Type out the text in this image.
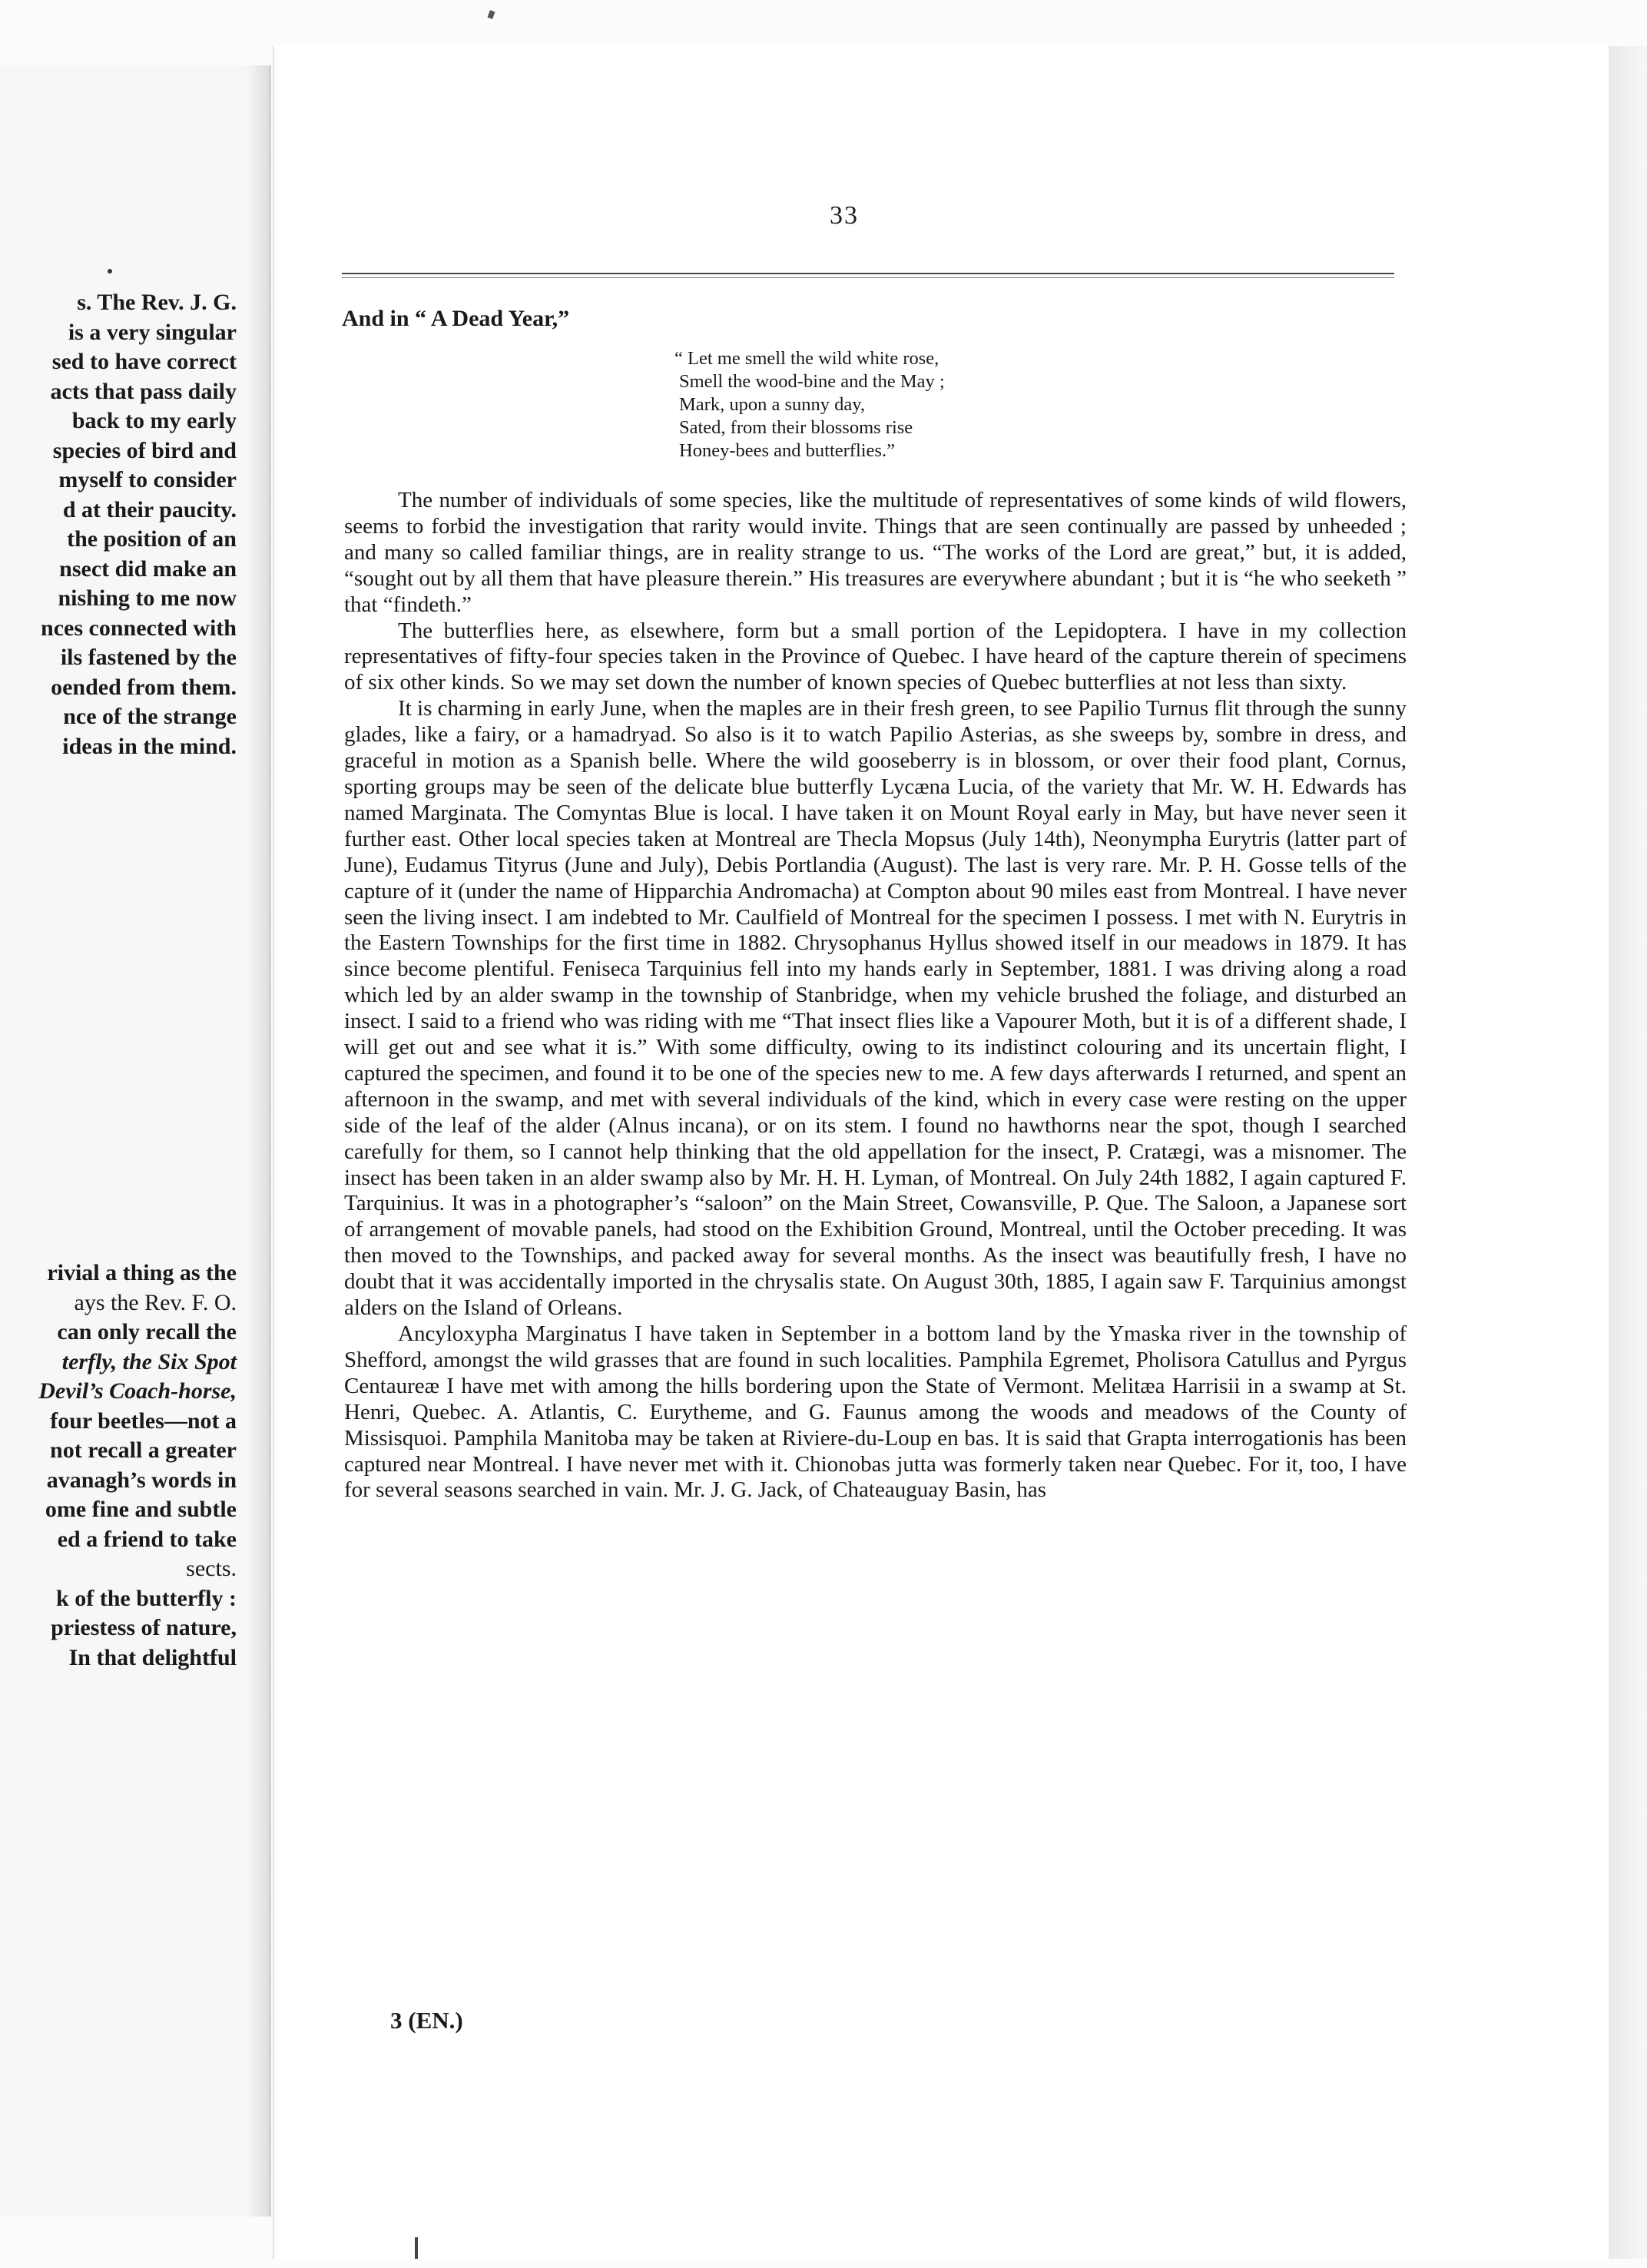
s. The Rev. J. G.
is a very singular
sed to have correct
acts that pass daily
back to my early
species of bird and
myself to consider
d at their paucity.
the position of an
nsect did make an
nishing to me now
nces connected with
ils fastened by the
oended from them.
nce of the strange
ideas in the mind.
rivial a thing as the
ays the Rev. F. O.
can only recall the
terfly, the Six Spot
Devil’s Coach-horse,
four beetles—not a
not recall a greater
avanagh’s words in
ome fine and subtle
ed a friend to take
sects.
k of the butterfly :
priestess of nature,
In that delightful
33
And in “ A Dead Year,”
“ Let me smell the wild white rose,
Smell the wood-bine and the May ;
Mark, upon a sunny day,
Sated, from their blossoms rise
Honey-bees and butterflies.”

The number of individuals of some species, like the multitude of representatives of some kinds of wild flowers, seems to forbid the investigation that rarity would invite. Things that are seen continually are passed by unheeded ; and many so called familiar things, are in reality strange to us. “The works of the Lord are great,” but, it is added, “sought out by all them that have pleasure therein.” His treasures are everywhere abundant ; but it is “he who seeketh ” that “findeth.”

The butterflies here, as elsewhere, form but a small portion of the Lepidoptera. I have in my collection representatives of fifty-four species taken in the Province of Quebec. I have heard of the capture therein of specimens of six other kinds. So we may set down the number of known species of Quebec butterflies at not less than sixty.

It is charming in early June, when the maples are in their fresh green, to see Papilio Turnus flit through the sunny glades, like a fairy, or a hamadryad. So also is it to watch Papilio Asterias, as she sweeps by, sombre in dress, and graceful in motion as a Spanish belle. Where the wild gooseberry is in blossom, or over their food plant, Cornus, sporting groups may be seen of the delicate blue butterfly Lycæna Lucia, of the variety that Mr. W. H. Edwards has named Marginata. The Comyntas Blue is local. I have taken it on Mount Royal early in May, but have never seen it further east. Other local species taken at Montreal are Thecla Mopsus (July 14th), Neonympha Eurytris (latter part of June), Eudamus Tityrus (June and July), Debis Portlandia (August). The last is very rare. Mr. P. H. Gosse tells of the capture of it (under the name of Hipparchia Andromacha) at Compton about 90 miles east from Montreal. I have never seen the living insect. I am indebted to Mr. Caulfield of Montreal for the specimen I possess. I met with N. Eurytris in the Eastern Townships for the first time in 1882. Chrysophanus Hyllus showed itself in our meadows in 1879. It has since become plentiful. Feniseca Tarquinius fell into my hands early in September, 1881. I was driving along a road which led by an alder swamp in the township of Stanbridge, when my vehicle brushed the foliage, and disturbed an insect. I said to a friend who was riding with me “That insect flies like a Vapourer Moth, but it is of a different shade, I will get out and see what it is.” With some difficulty, owing to its indistinct colouring and its uncertain flight, I captured the specimen, and found it to be one of the species new to me. A few days afterwards I returned, and spent an afternoon in the swamp, and met with several individuals of the kind, which in every case were resting on the upper side of the leaf of the alder (Alnus incana), or on its stem. I found no hawthorns near the spot, though I searched carefully for them, so I cannot help thinking that the old appellation for the insect, P. Cratægi, was a misnomer. The insect has been taken in an alder swamp also by Mr. H. H. Lyman, of Montreal. On July 24th 1882, I again captured F. Tarquinius. It was in a photographer’s “saloon” on the Main Street, Cowansville, P. Que. The Saloon, a Japanese sort of arrangement of movable panels, had stood on the Exhibition Ground, Montreal, until the October preceding. It was then moved to the Townships, and packed away for several months. As the insect was beautifully fresh, I have no doubt that it was accidentally imported in the chrysalis state. On August 30th, 1885, I again saw F. Tarquinius amongst alders on the Island of Orleans.

Ancyloxypha Marginatus I have taken in September in a bottom land by the Ymaska river in the township of Shefford, amongst the wild grasses that are found in such localities. Pamphila Egremet, Pholisora Catullus and Pyrgus Centaureæ I have met with among the hills bordering upon the State of Vermont. Melitæa Harrisii in a swamp at St. Henri, Quebec. A. Atlantis, C. Eurytheme, and G. Faunus among the woods and meadows of the County of Missisquoi. Pamphila Manitoba may be taken at Riviere-du-Loup en bas. It is said that Grapta interrogationis has been captured near Montreal. I have never met with it. Chionobas jutta was formerly taken near Quebec. For it, too, I have for several seasons searched in vain. Mr. J. G. Jack, of Chateauguay Basin, has

3 (EN.)
